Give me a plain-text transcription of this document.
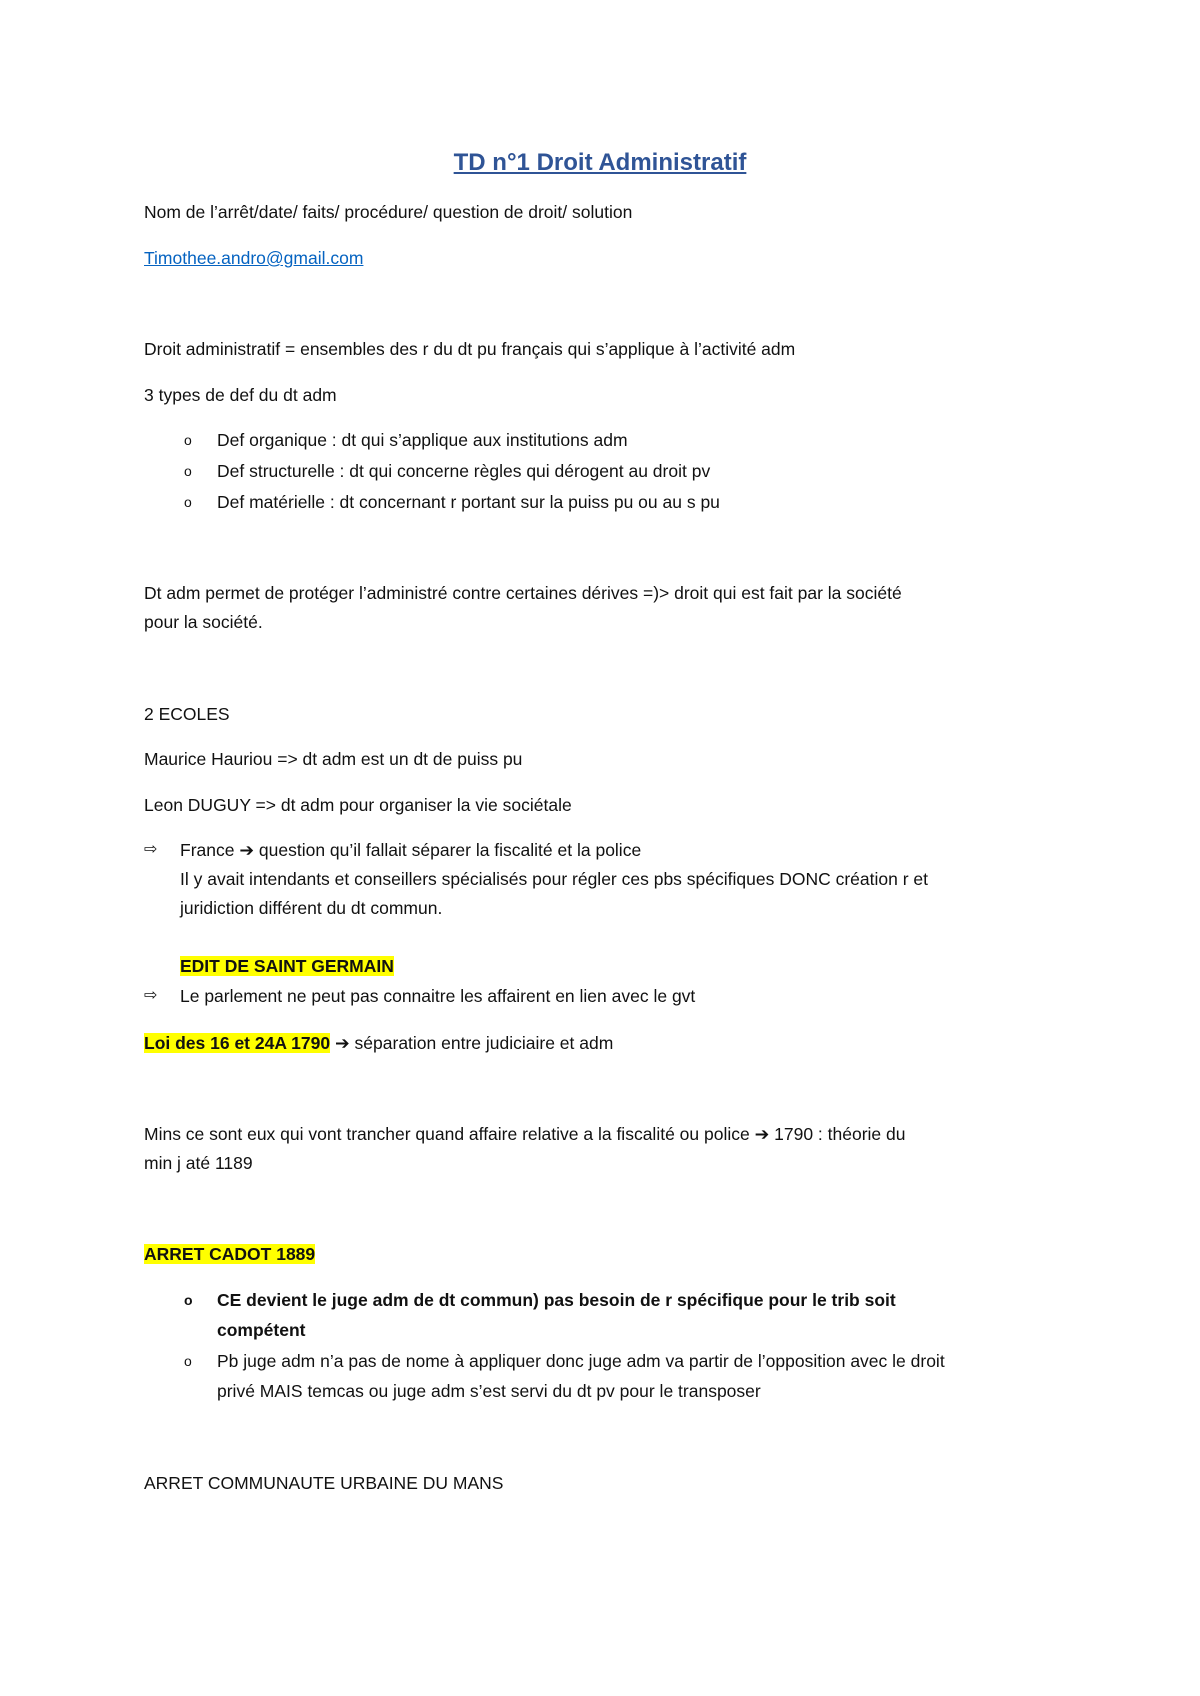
TD n°1 Droit Administratif
Nom de l’arrêt/date/ faits/ procédure/ question de droit/ solution
Timothee.andro@gmail.com
Droit administratif = ensembles des r du dt pu français qui s’applique à l’activité adm
3 types de def du dt adm
o Def organique : dt qui s’applique aux institutions adm
o Def structurelle : dt qui concerne règles qui dérogent au droit pv
o Def matérielle : dt concernant r portant sur la puiss pu ou au s pu
Dt adm permet de protéger l’administré contre certaines dérives =)> droit qui est fait par la société
pour la société.
2 ECOLES
Maurice Hauriou => dt adm est un dt de puiss pu
Leon DUGUY => dt adm pour organiser la vie sociétale
⇨ France ➔ question qu’il fallait séparer la fiscalité et la police
Il y avait intendants et conseillers spécialisés pour régler ces pbs spécifiques DONC création r et
juridiction différent du dt commun.
EDIT DE SAINT GERMAIN
⇨ Le parlement ne peut pas connaitre les affairent en lien avec le gvt
Loi des 16 et 24A 1790 ➔ séparation entre judiciaire et adm
Mins ce sont eux qui vont trancher quand affaire relative a la fiscalité ou police ➔ 1790 : théorie du
min j até 1189
ARRET CADOT 1889
o CE devient le juge adm de dt commun) pas besoin de r spécifique pour le trib soit
compétent
o Pb juge adm n’a pas de nome à appliquer donc juge adm va partir de l’opposition avec le droit
privé MAIS temcas ou juge adm s’est servi du dt pv pour le transposer
ARRET COMMUNAUTE URBAINE DU MANS
